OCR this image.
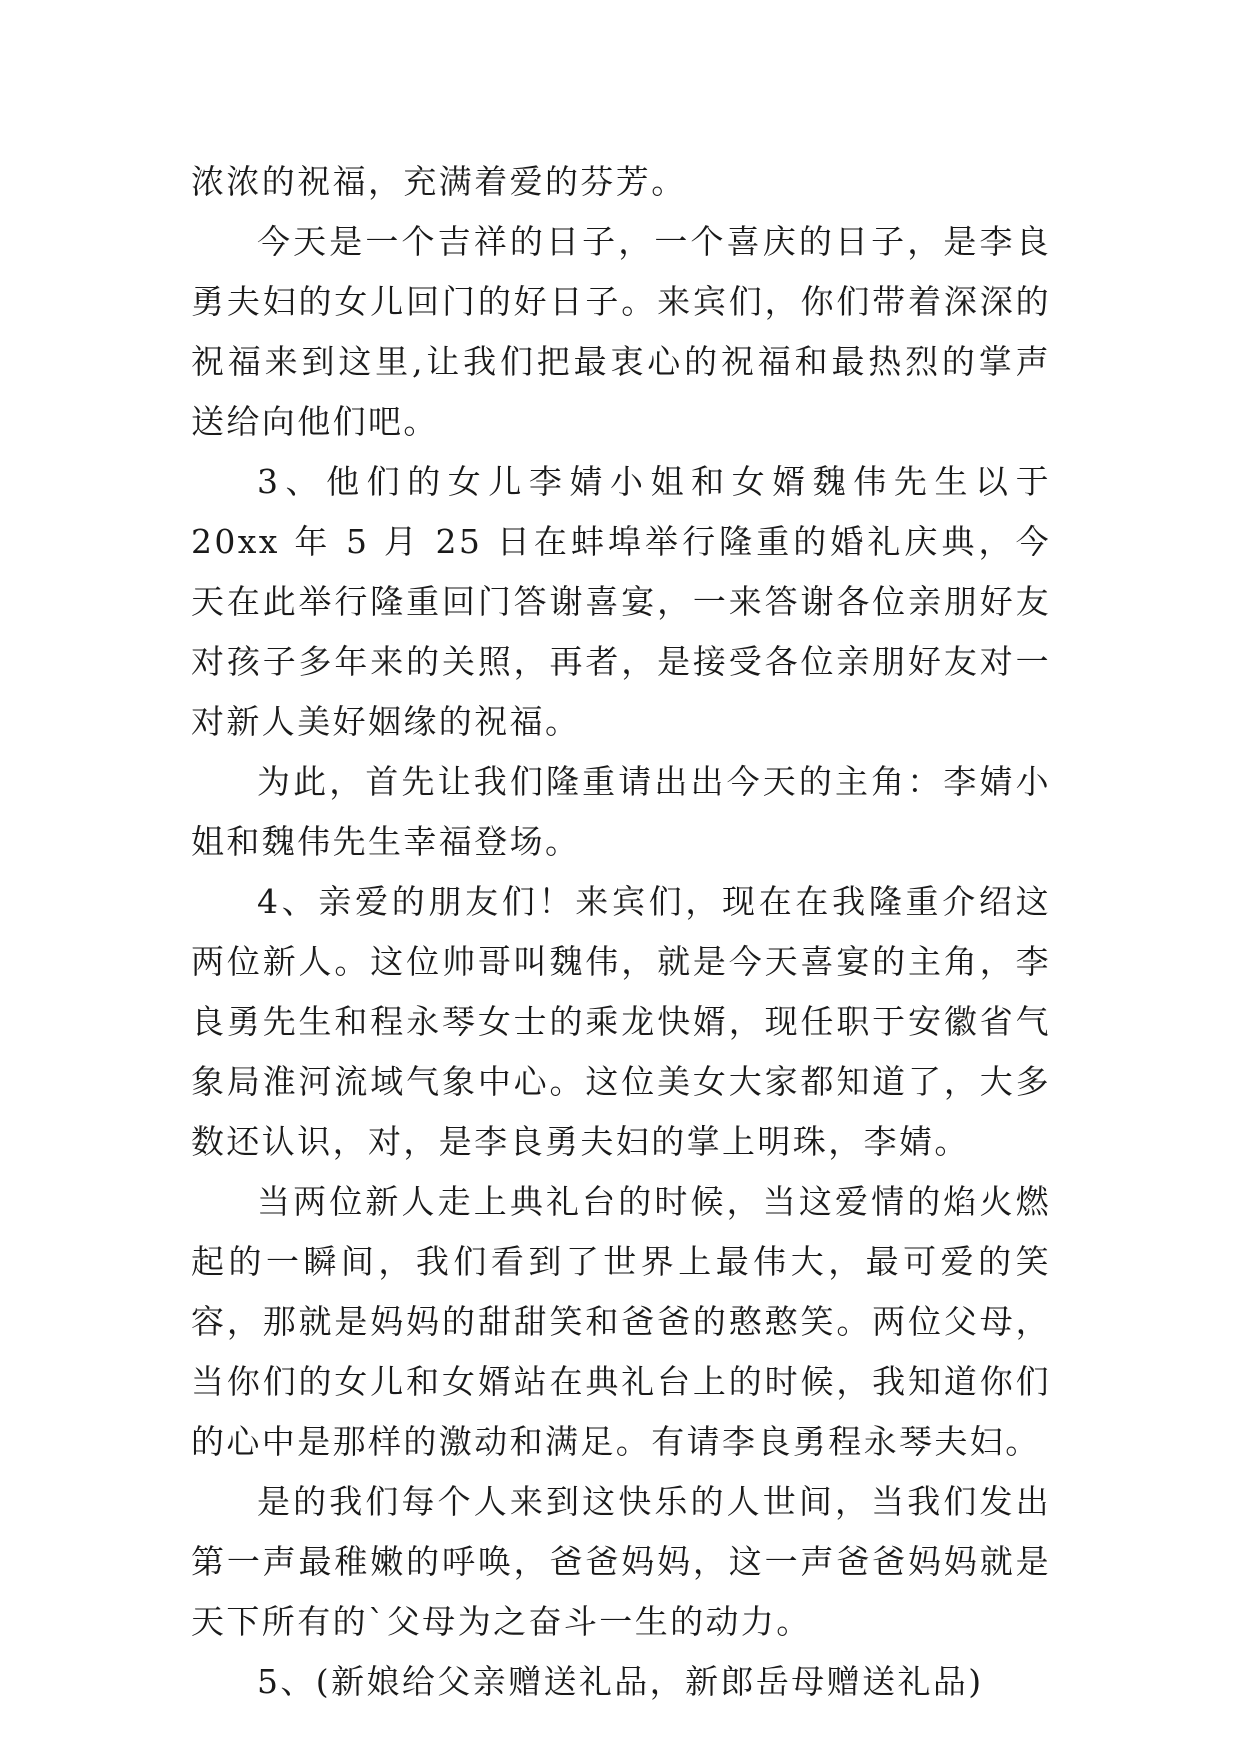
浓浓的祝福，充满着爱的芬芳。

今天是一个吉祥的日子，一个喜庆的日子，是李良勇夫妇的女儿回门的好日子。来宾们，你们带着深深的祝福来到这里,让我们把最衷心的祝福和最热烈的掌声送给向他们吧。

3、他们的女儿李婧小姐和女婿魏伟先生以于 20xx 年 5 月 25 日在蚌埠举行隆重的婚礼庆典，今天在此举行隆重回门答谢喜宴，一来答谢各位亲朋好友对孩子多年来的关照，再者，是接受各位亲朋好友对一对新人美好姻缘的祝福。

为此，首先让我们隆重请出出今天的主角：李婧小姐和魏伟先生幸福登场。

4、亲爱的朋友们！来宾们，现在在我隆重介绍这两位新人。这位帅哥叫魏伟，就是今天喜宴的主角，李良勇先生和程永琴女士的乘龙快婿，现任职于安徽省气象局淮河流域气象中心。这位美女大家都知道了，大多数还认识，对，是李良勇夫妇的掌上明珠，李婧。

当两位新人走上典礼台的时候，当这爱情的焰火燃起的一瞬间，我们看到了世界上最伟大，最可爱的笑容，那就是妈妈的甜甜笑和爸爸的憨憨笑。两位父母，当你们的女儿和女婿站在典礼台上的时候，我知道你们的心中是那样的激动和满足。有请李良勇程永琴夫妇。

是的我们每个人来到这快乐的人世间，当我们发出第一声最稚嫩的呼唤，爸爸妈妈，这一声爸爸妈妈就是天下所有的`父母为之奋斗一生的动力。

5、(新娘给父亲赠送礼品，新郎岳母赠送礼品)
